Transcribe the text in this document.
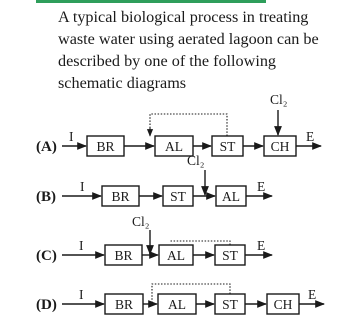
A typical biological process in treating
waste water using aerated lagoon can be
described by one of the following
schematic diagrams
(A)
I
BR	AL	ST	CH
E
Cl₂
(B)
I
BR	ST	AL
E
Cl₂
(C)
I
BR	AL	ST
E
Cl₂
(D)
I
BR	AL	ST	CH
E
